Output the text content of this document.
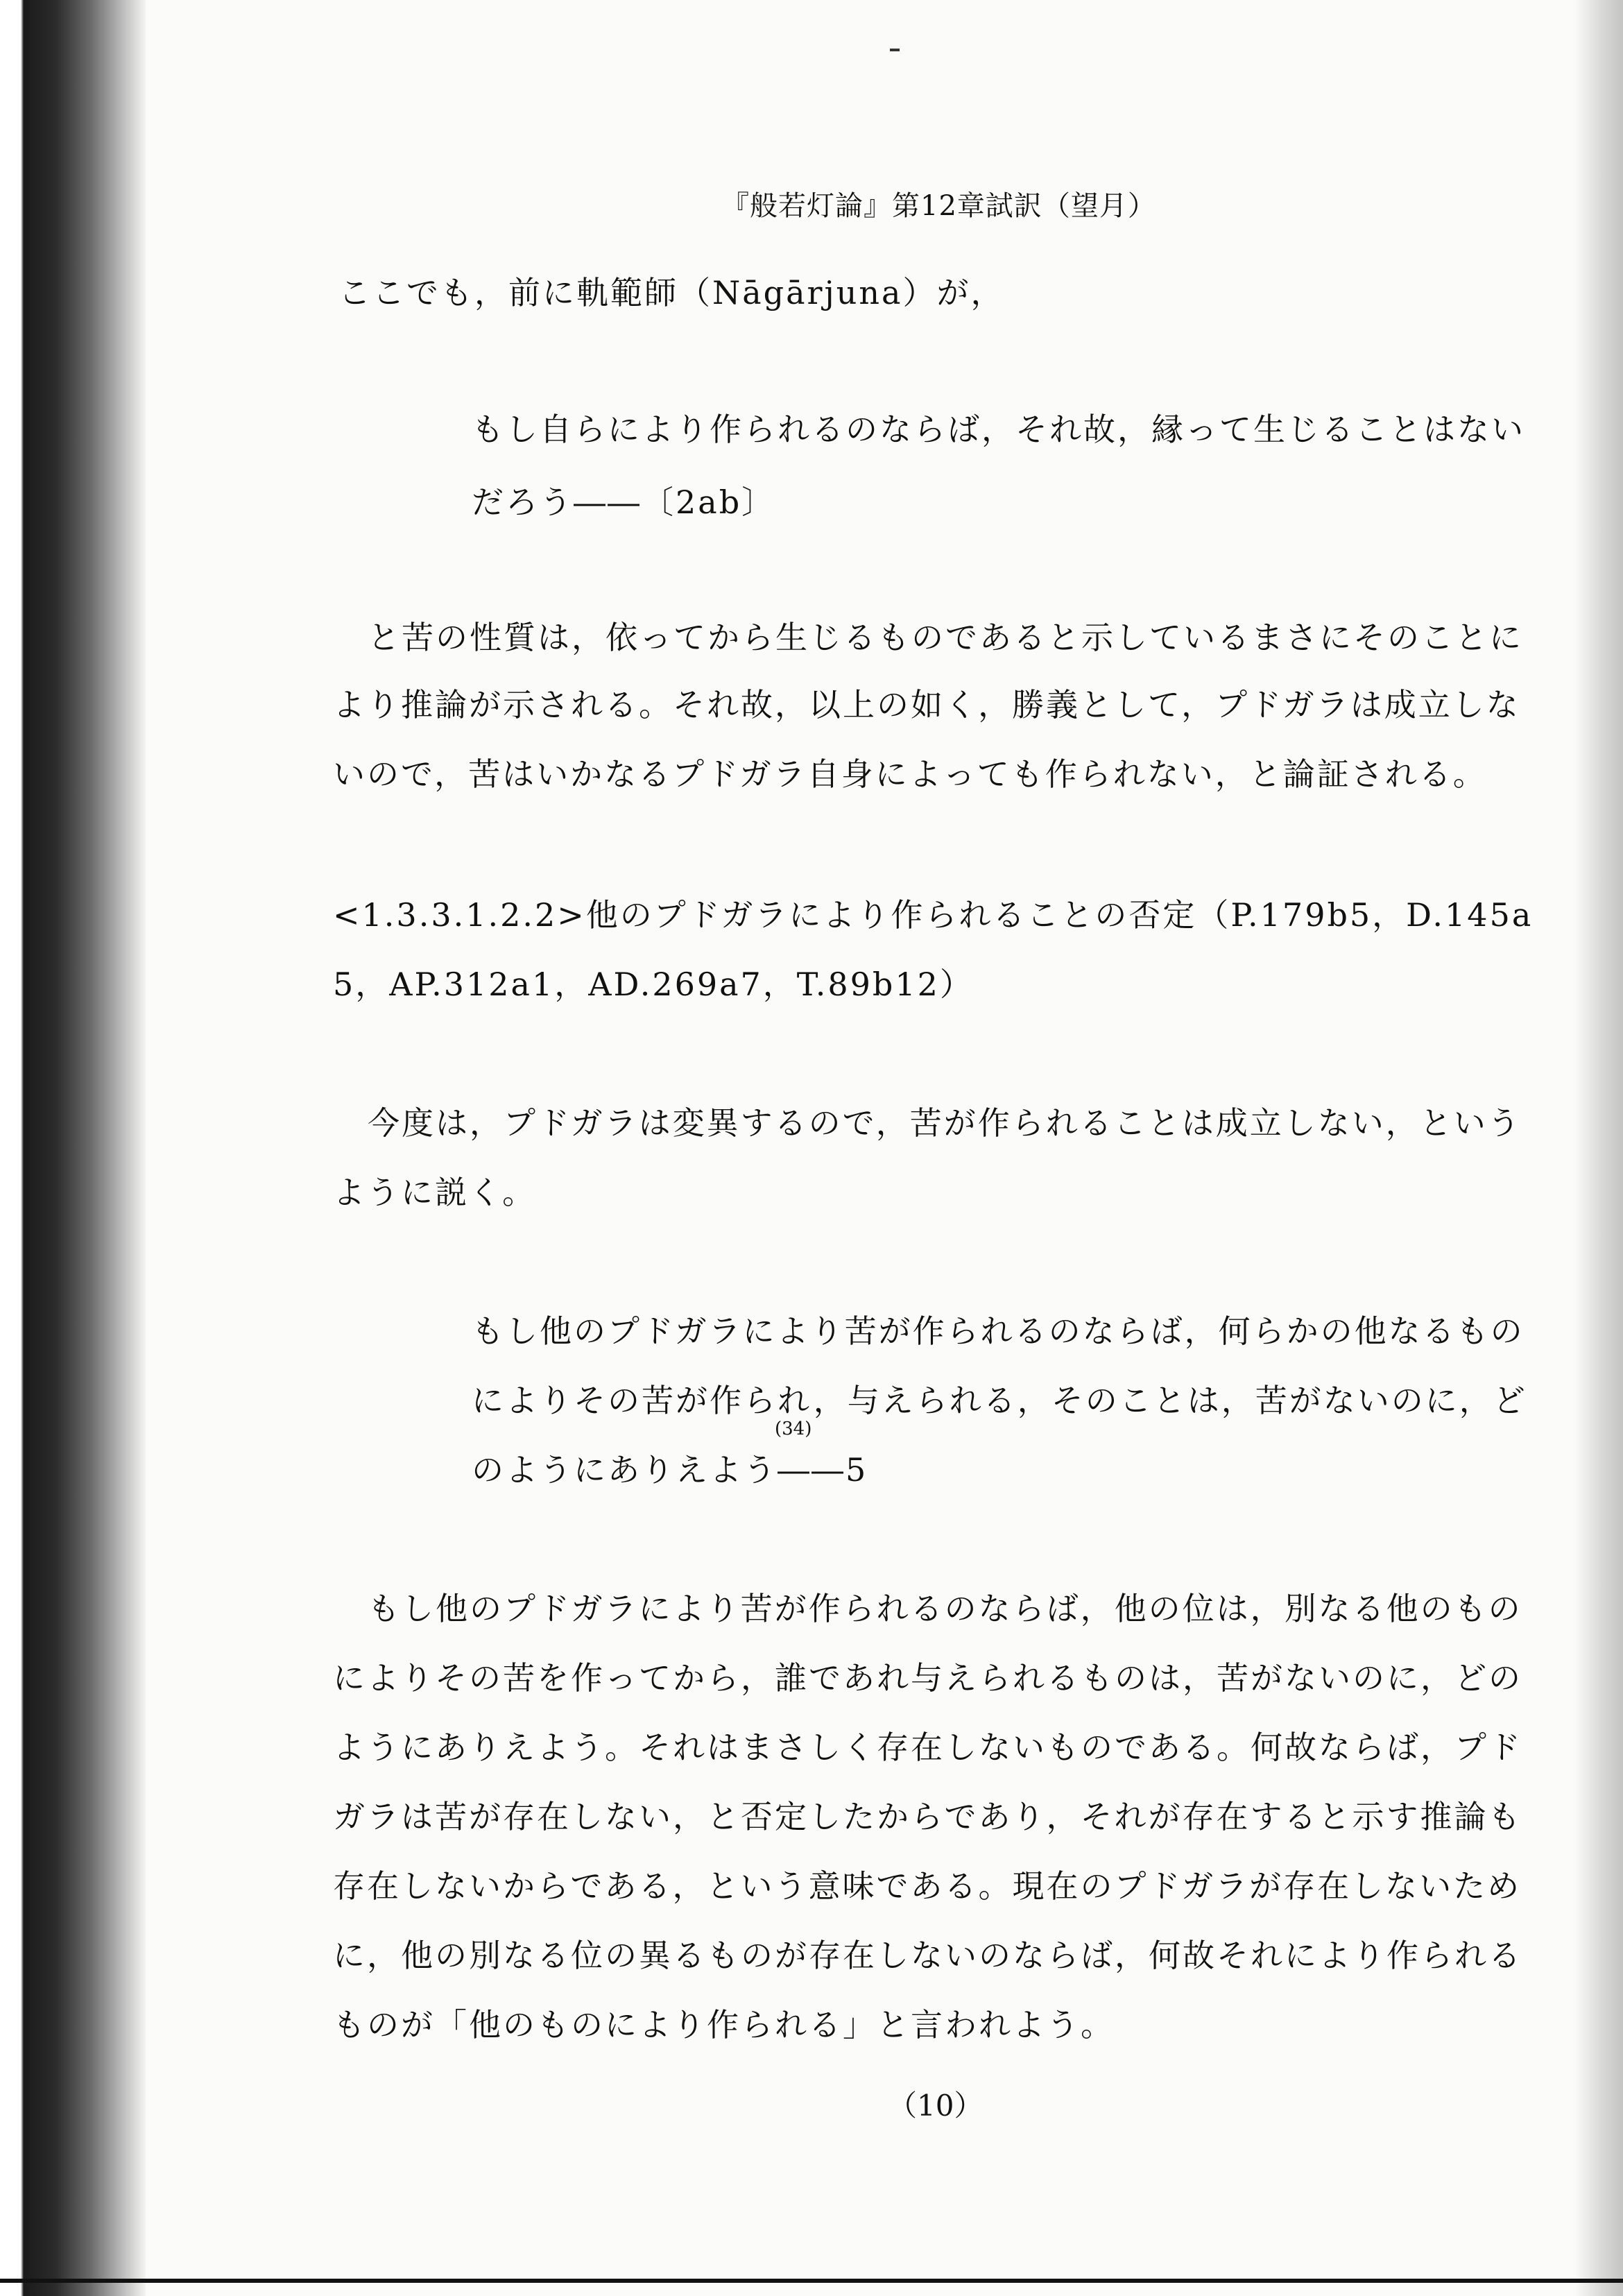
『般若灯論』第12章試訳（望月）
ここでも，前に軌範師（Nāgārjuna）が，
もし自らにより作られるのならば，それ故，縁って生じることはない
だろう――〔2ab〕
と苦の性質は，依ってから生じるものであると示しているまさにそのことに
より推論が示される。それ故，以上の如く，勝義として，プドガラは成立しな
いので，苦はいかなるプドガラ自身によっても作られない，と論証される。
<1.3.3.1.2.2>他のプドガラにより作られることの否定（P.179b5，D.145a
5，AP.312a1，AD.269a7，T.89b12）
今度は，プドガラは変異するので，苦が作られることは成立しない，という
ように説く。
もし他のプドガラにより苦が作られるのならば，何らかの他なるもの
によりその苦が作られ，与えられる，そのことは，苦がないのに，ど
(34)
のようにありえよう――5
もし他のプドガラにより苦が作られるのならば，他の位は，別なる他のもの
によりその苦を作ってから，誰であれ与えられるものは，苦がないのに，どの
ようにありえよう。それはまさしく存在しないものである。何故ならば，プド
ガラは苦が存在しない，と否定したからであり，それが存在すると示す推論も
存在しないからである，という意味である。現在のプドガラが存在しないため
に，他の別なる位の異るものが存在しないのならば，何故それにより作られる
ものが「他のものにより作られる」と言われよう。
（10）
